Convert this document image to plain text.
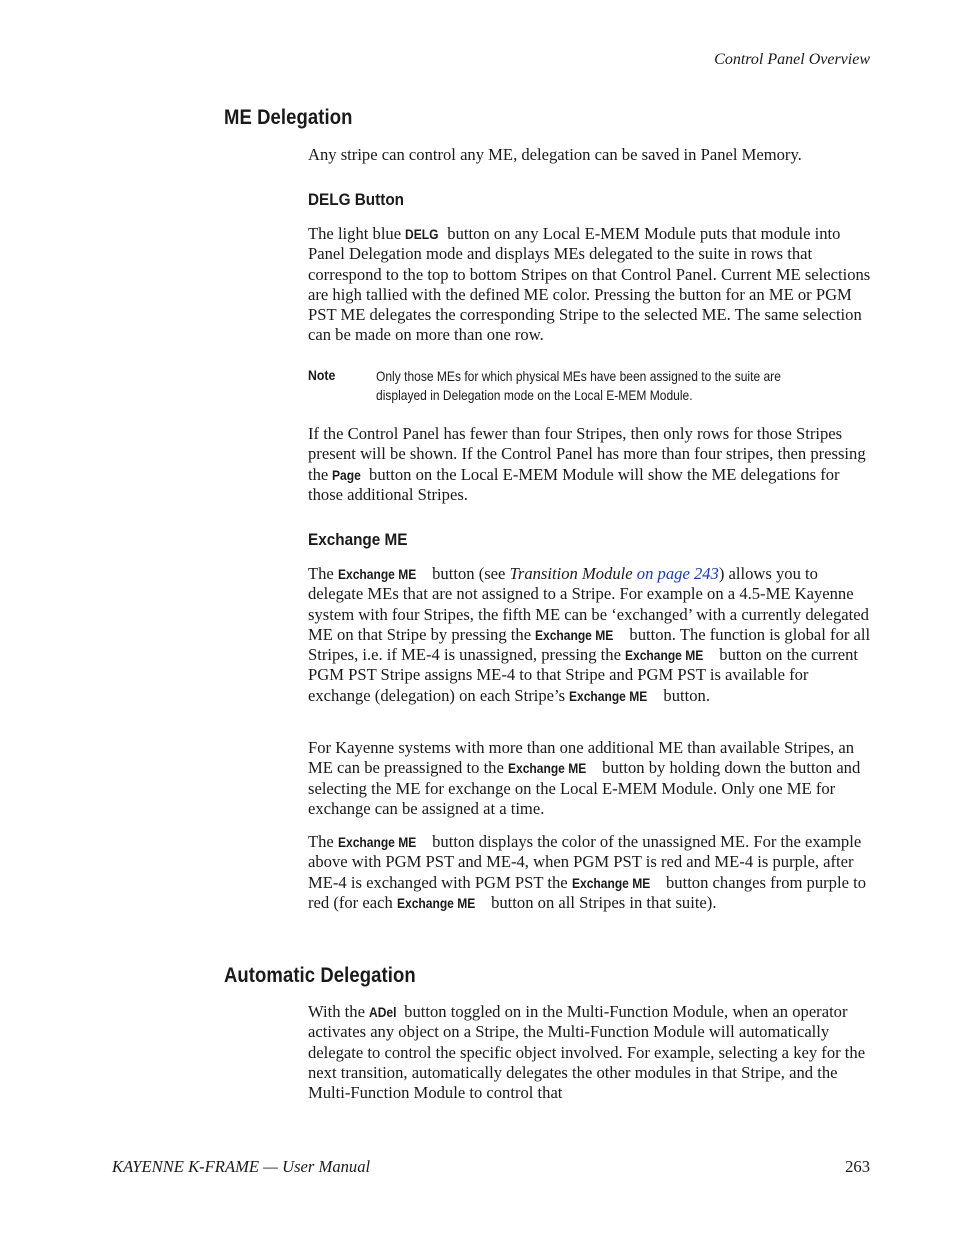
Control Panel Overview
ME Delegation

Any stripe can control any ME, delegation can be saved in Panel Memory.

DELG Button

The light blue DELG button on any Local E-MEM Module puts that module into Panel Delegation mode and displays MEs delegated to the suite in rows that correspond to the top to bottom Stripes on that Control Panel. Current ME selections are high tallied with the defined ME color. Pressing the button for an ME or PGM PST ME delegates the corresponding Stripe to the selected ME. The same selection can be made on more than one row.

Note	Only those MEs for which physical MEs have been assigned to the suite are displayed in Delegation mode on the Local E-MEM Module.

If the Control Panel has fewer than four Stripes, then only rows for those Stripes present will be shown. If the Control Panel has more than four stripes, then pressing the Page button on the Local E-MEM Module will show the ME delegations for those additional Stripes.

Exchange ME

The Exchange ME button (see Transition Module on page 243) allows you to delegate MEs that are not assigned to a Stripe. For example on a 4.5-ME Kayenne system with four Stripes, the fifth ME can be ‘exchanged’ with a currently delegated ME on that Stripe by pressing the Exchange ME button. The function is global for all Stripes, i.e. if ME-4 is unassigned, pressing the Exchange ME button on the current PGM PST Stripe assigns ME-4 to that Stripe and PGM PST is available for exchange (delegation) on each Stripe’s Exchange ME button.

For Kayenne systems with more than one additional ME than available Stripes, an ME can be preassigned to the Exchange ME button by holding down the button and selecting the ME for exchange on the Local E-MEM Module. Only one ME for exchange can be assigned at a time.

The Exchange ME button displays the color of the unassigned ME. For the example above with PGM PST and ME-4, when PGM PST is red and ME-4 is purple, after ME-4 is exchanged with PGM PST the Exchange ME button changes from purple to red (for each Exchange ME button on all Stripes in that suite).

Automatic Delegation

With the ADel button toggled on in the Multi-Function Module, when an operator activates any object on a Stripe, the Multi-Function Module will automatically delegate to control the specific object involved. For example, selecting a key for the next transition, automatically delegates the other modules in that Stripe, and the Multi-Function Module to control that

KAYENNE K-FRAME — User Manual	263
